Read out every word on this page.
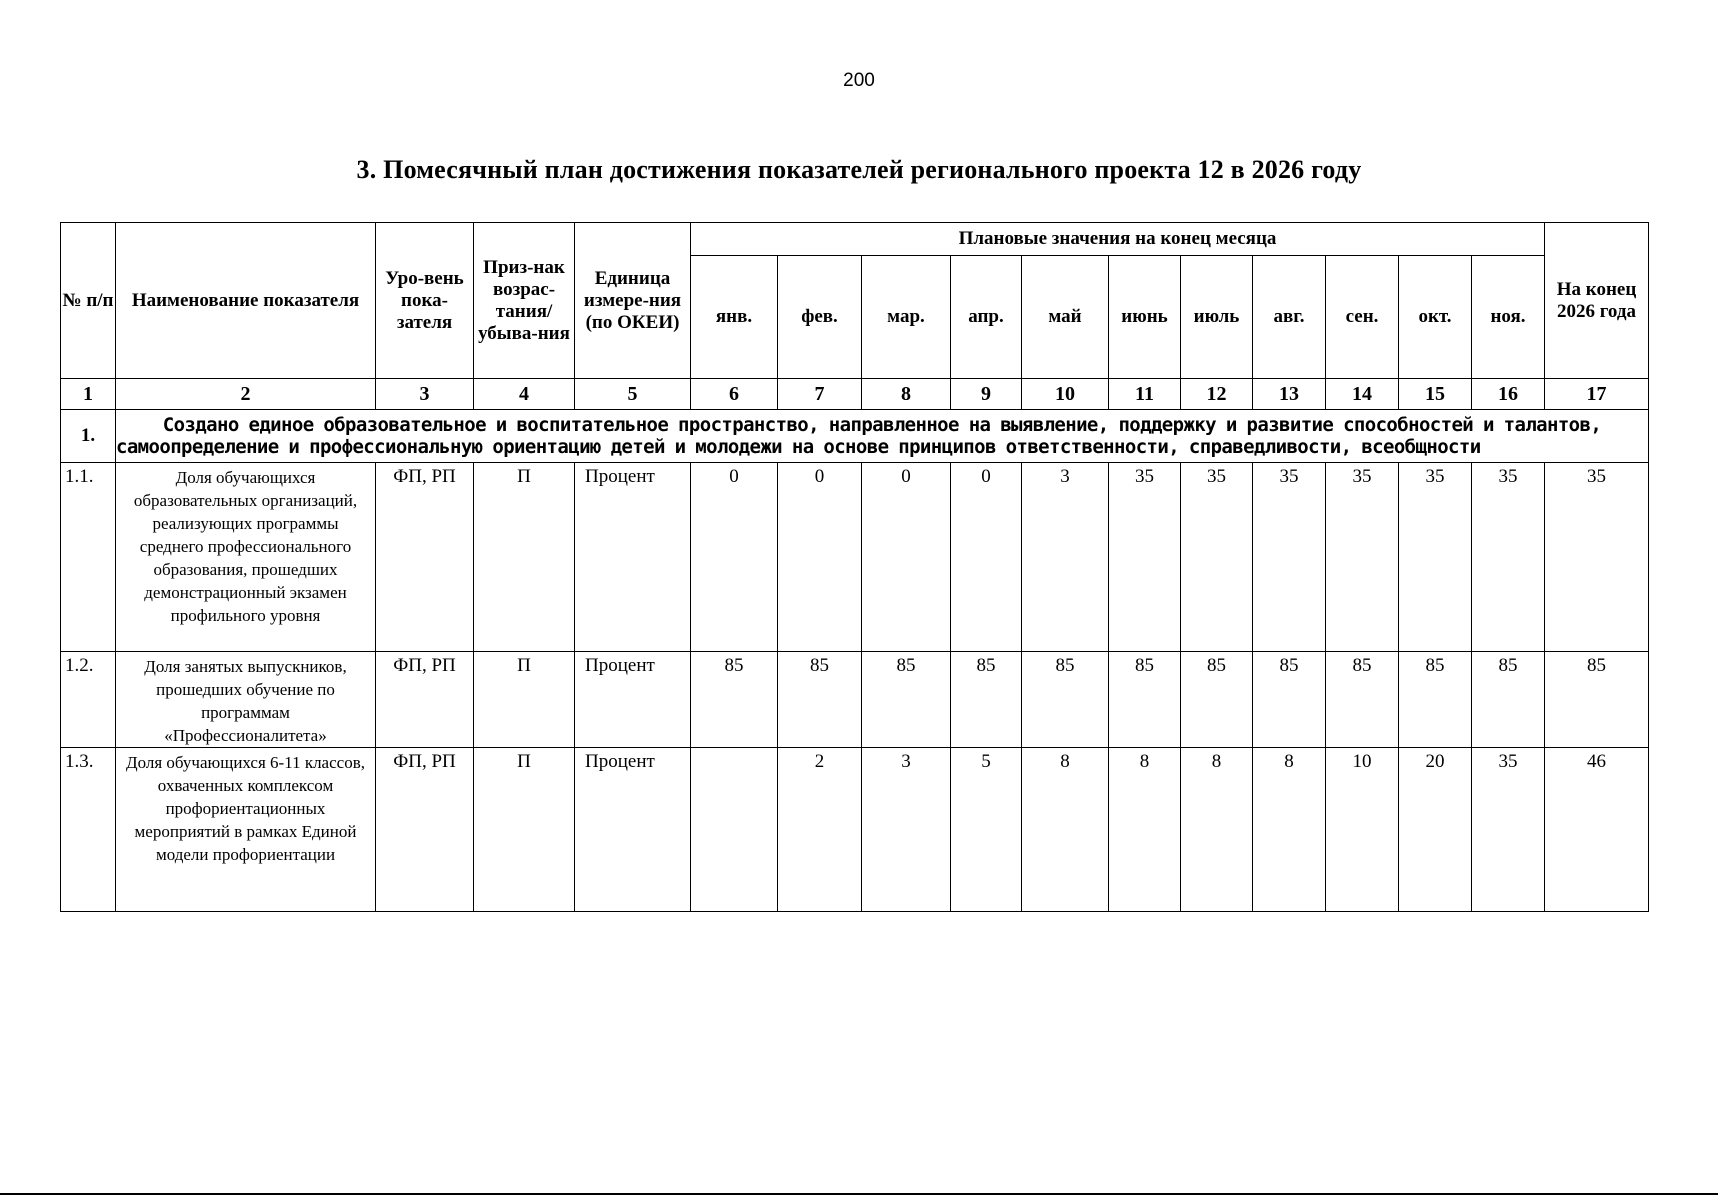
200
3. Помесячный план достижения показателей регионального проекта 12 в 2026 году
№ п/п	Наименование показателя	Уро-вень пока-зателя	Приз-нак возрас-тания/ убыва-ния	Единица измере-ния (по ОКЕИ)	Плановые значения на конец месяца											На конец 2026 года
					янв.	фев.	мар.	апр.	май	июнь	июль	авг.	сен.	окт.	ноя.	
1	2	3	4	5	6	7	8	9	10	11	12	13	14	15	16	17
1.	Создано единое образовательное и воспитательное пространство, направленное на выявление, поддержку и развитие способностей и талантов, самоопределение и профессиональную ориентацию детей и молодежи на основе принципов ответственности, справедливости, всеобщности															
1.1.	Доля обучающихся образовательных организаций, реализующих программы среднего профессионального образования, прошедших демонстрационный экзамен профильного уровня	ФП, РП	П	Процент	0	0	0	0	3	35	35	35	35	35	35	35
1.2.	Доля занятых выпускников, прошедших обучение по программам «Профессионалитета»	ФП, РП	П	Процент	85	85	85	85	85	85	85	85	85	85	85	85
1.3.	Доля обучающихся 6-11 классов, охваченных комплексом профориентационных мероприятий в рамках Единой модели профориентации	ФП, РП	П	Процент		2	3	5	8	8	8	8	10	20	35	46
